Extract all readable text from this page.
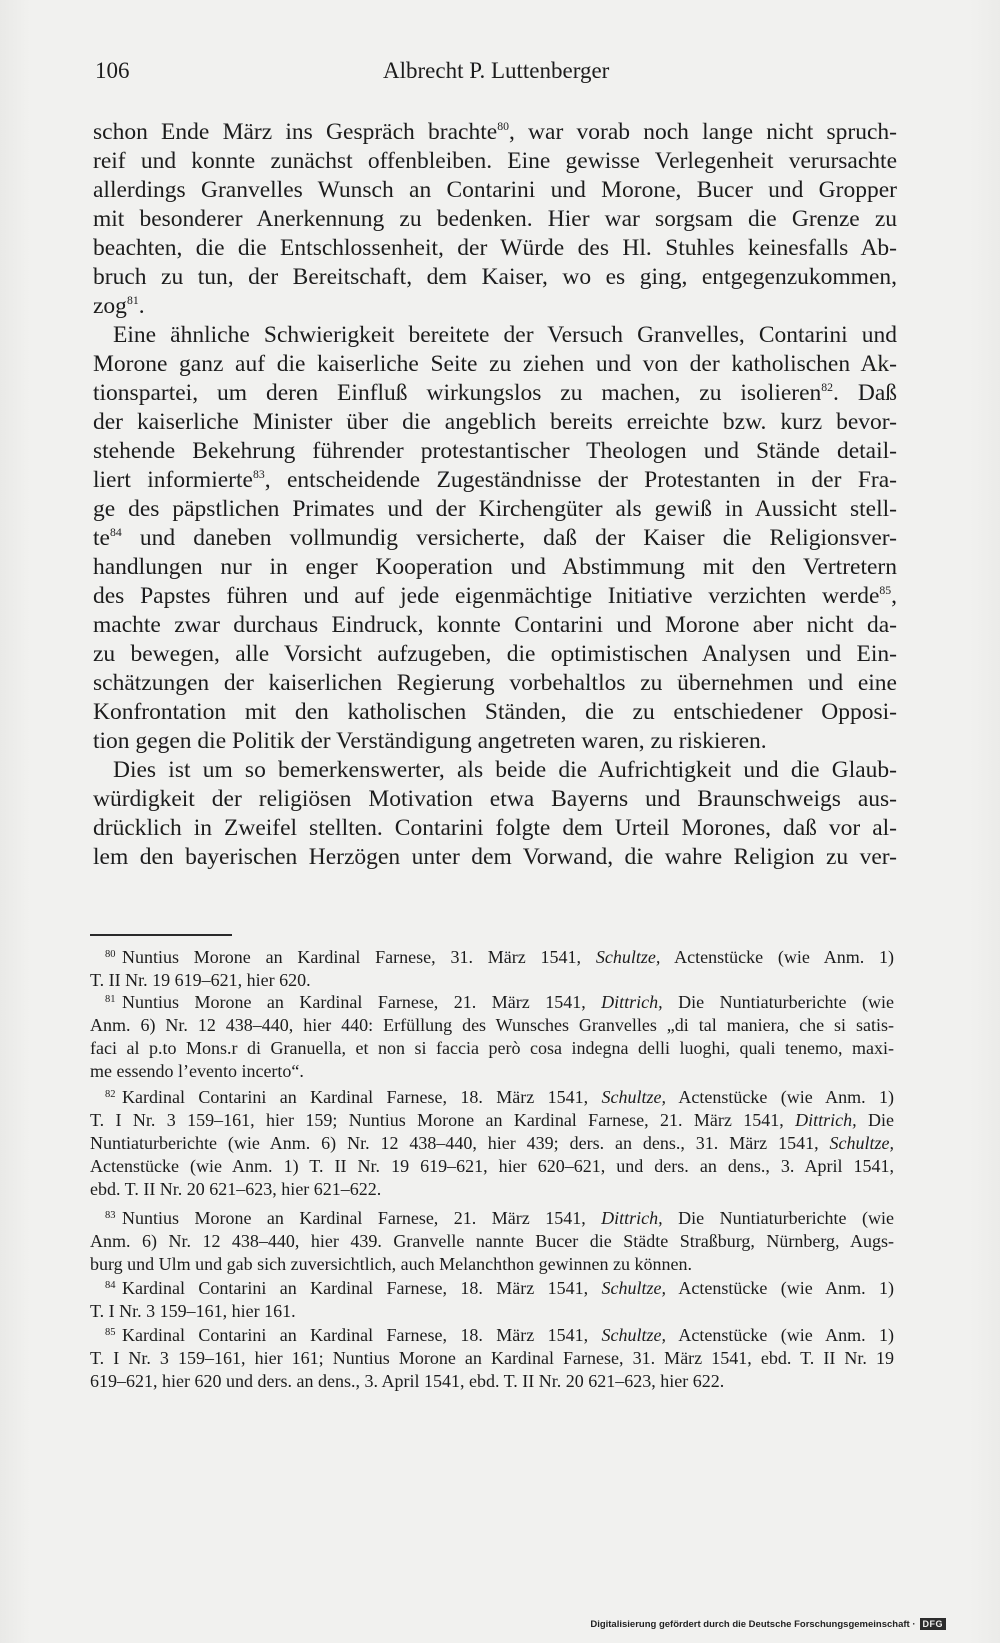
106	Albrecht P. Luttenberger
schon Ende März ins Gespräch brachte$^{80}$, war vorab noch lange nicht spruch-
reif und konnte zunächst offenbleiben. Eine gewisse Verlegenheit verursachte
allerdings Granvelles Wunsch an Contarini und Morone, Bucer und Gropper
mit besonderer Anerkennung zu bedenken. Hier war sorgsam die Grenze zu
beachten, die die Entschlossenheit, der Würde des Hl. Stuhles keinesfalls Ab-
bruch zu tun, der Bereitschaft, dem Kaiser, wo es ging, entgegenzukommen,
zog$^{81}$.
Eine ähnliche Schwierigkeit bereitete der Versuch Granvelles, Contarini und
Morone ganz auf die kaiserliche Seite zu ziehen und von der katholischen Ak-
tionspartei, um deren Einfluß wirkungslos zu machen, zu isolieren$^{82}$. Daß
der kaiserliche Minister über die angeblich bereits erreichte bzw. kurz bevor-
stehende Bekehrung führender protestantischer Theologen und Stände detail-
liert informierte$^{83}$, entscheidende Zugeständnisse der Protestanten in der Fra-
ge des päpstlichen Primates und der Kirchengüter als gewiß in Aussicht stell-
$te^{84}$ und daneben vollmundig versicherte, daß der Kaiser die Religionsver-
handlungen nur in enger Kooperation und Abstimmung mit den Vertretern
des Papstes führen und auf jede eigenmächtige Initiative verzichten werde$^{85}$,
machte zwar durchaus Eindruck, konnte Contarini und Morone aber nicht da-
zu bewegen, alle Vorsicht aufzugeben, die optimistischen Analysen und Ein-
schätzungen der kaiserlichen Regierung vorbehaltlos zu übernehmen und eine
Konfrontation mit den katholischen Ständen, die zu entschiedener Opposi-
tion gegen die Politik der Verständigung angetreten waren, zu riskieren.
Dies ist um so bemerkenswerter, als beide die Aufrichtigkeit und die Glaub-
würdigkeit der religiösen Motivation etwa Bayerns und Braunschweigs aus-
drücklich in Zweifel stellten. Contarini folgte dem Urteil Morones, daß vor al-
lem den bayerischen Herzögen unter dem Vorwand, die wahre Religion zu ver-
80 Nuntius Morone an Kardinal Farnese, 31. März 1541, Schultze, Actenstücke (wie Anm. 1)
T. II Nr. 19 619–621, hier 620.
81 Nuntius Morone an Kardinal Farnese, 21. März 1541, Dittrich, Die Nuntiaturberichte (wie
Anm. 6) Nr. 12 438–440, hier 440: Erfüllung des Wunsches Granvelles „di tal maniera, che si satis-
faci al p.to Mons.r di Granuella, et non si faccia però cosa indegna delli luoghi, quali tenemo, maxi-
me essendo l’evento incerto“.
82 Kardinal Contarini an Kardinal Farnese, 18. März 1541, Schultze, Actenstücke (wie Anm. 1)
T. I Nr. 3 159–161, hier 159; Nuntius Morone an Kardinal Farnese, 21. März 1541, Dittrich, Die
Nuntiaturberichte (wie Anm. 6) Nr. 12 438–440, hier 439; ders. an dens., 31. März 1541, Schultze,
Actenstücke (wie Anm. 1) T. II Nr. 19 619–621, hier 620–621, und ders. an dens., 3. April 1541,
ebd. T. II Nr. 20 621–623, hier 621–622.
83 Nuntius Morone an Kardinal Farnese, 21. März 1541, Dittrich, Die Nuntiaturberichte (wie
Anm. 6) Nr. 12 438–440, hier 439. Granvelle nannte Bucer die Städte Straßburg, Nürnberg, Augs-
burg und Ulm und gab sich zuversichtlich, auch Melanchthon gewinnen zu können.
84 Kardinal Contarini an Kardinal Farnese, 18. März 1541, Schultze, Actenstücke (wie Anm. 1)
T. I Nr. 3 159–161, hier 161.
85 Kardinal Contarini an Kardinal Farnese, 18. März 1541, Schultze, Actenstücke (wie Anm. 1)
T. I Nr. 3 159–161, hier 161; Nuntius Morone an Kardinal Farnese, 31. März 1541, ebd. T. II Nr. 19
619–621, hier 620 und ders. an dens., 3. April 1541, ebd. T. II Nr. 20 621–623, hier 622.
Digitalisierung gefördert durch die Deutsche Forschungsgemeinschaft · DFG
